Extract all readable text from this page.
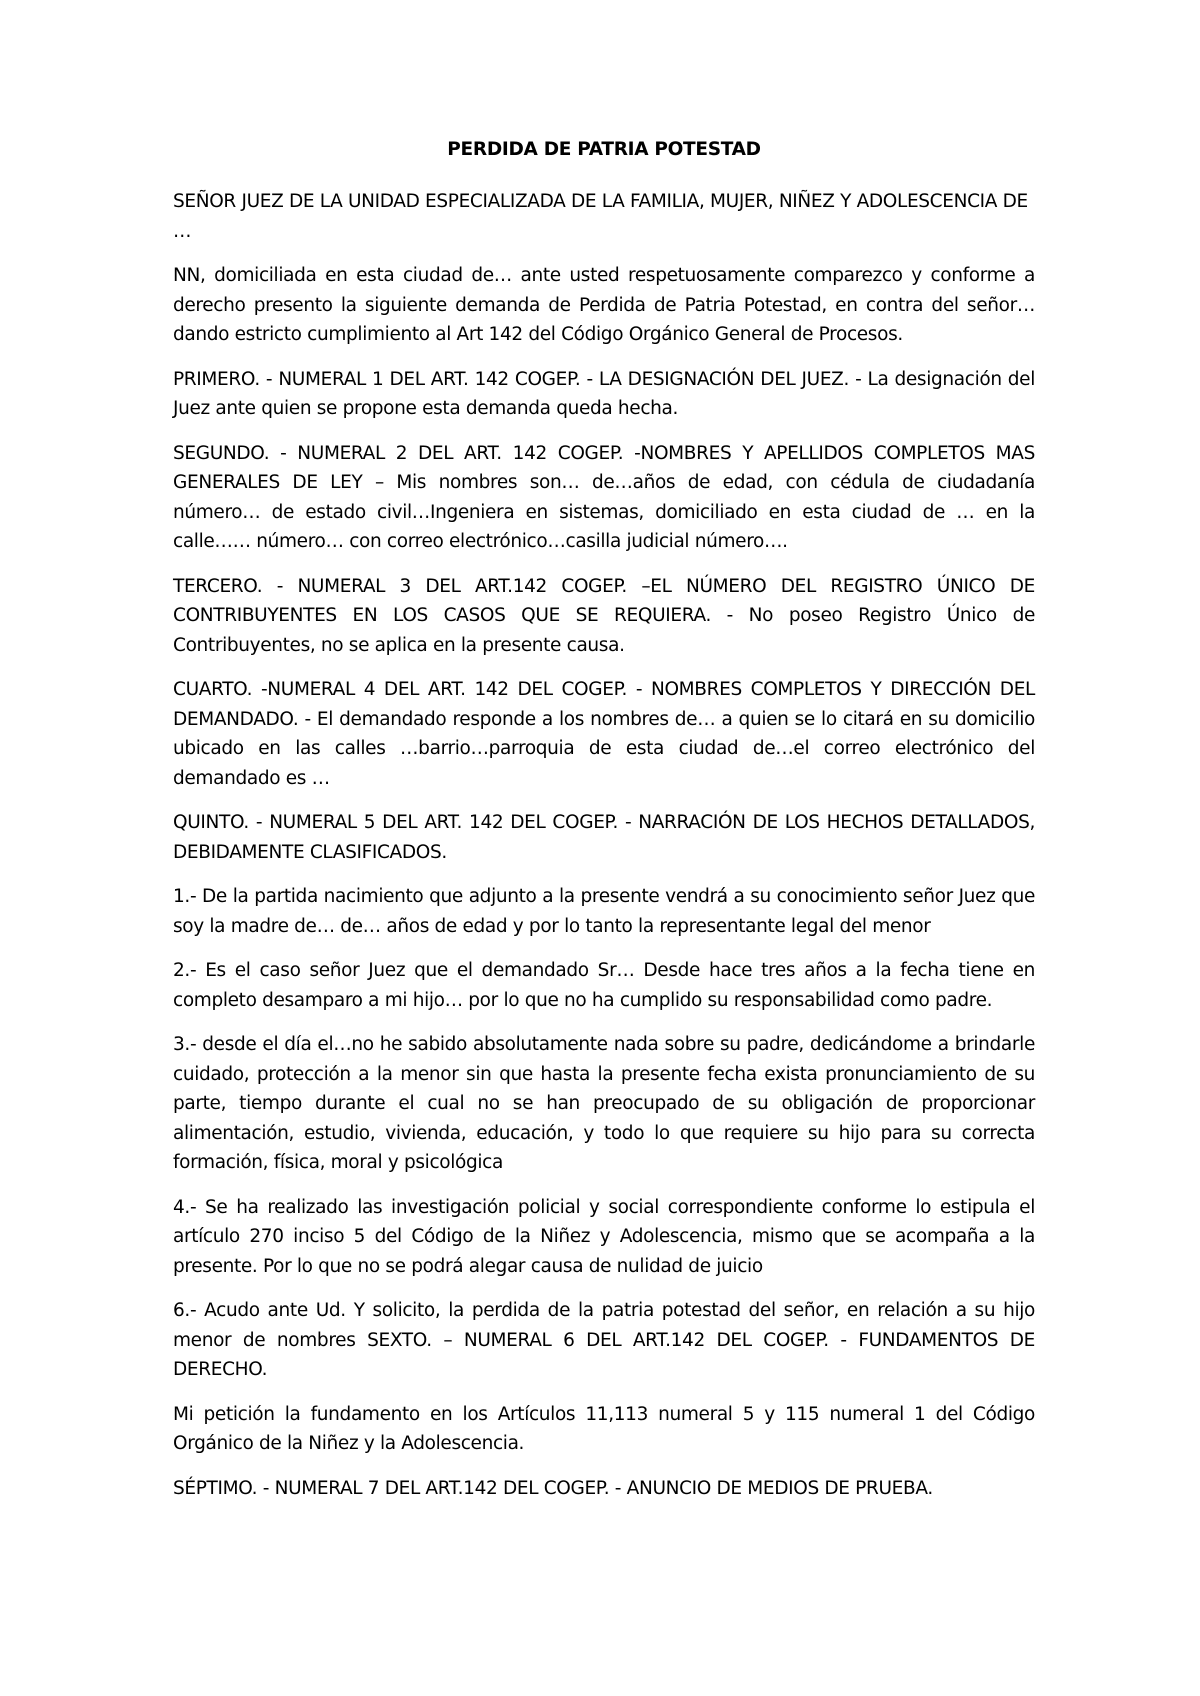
PERDIDA DE PATRIA POTESTAD

SEÑOR JUEZ DE LA UNIDAD ESPECIALIZADA DE LA FAMILIA, MUJER, NIÑEZ Y ADOLESCENCIA DE …

NN, domiciliada en esta ciudad de… ante usted respetuosamente comparezco y conforme a derecho presento la siguiente demanda de Perdida de Patria Potestad, en contra del señor… dando estricto cumplimiento al Art 142 del Código Orgánico General de Procesos.

PRIMERO. - NUMERAL 1 DEL ART. 142 COGEP. - LA DESIGNACIÓN DEL JUEZ. - La designación del Juez ante quien se propone esta demanda queda hecha.

SEGUNDO. - NUMERAL 2 DEL ART. 142 COGEP. -NOMBRES Y APELLIDOS COMPLETOS MAS GENERALES DE LEY – Mis nombres son… de…años de edad, con cédula de ciudadanía número… de estado civil…Ingeniera en sistemas, domiciliado en esta ciudad de … en la calle…… número… con correo electrónico…casilla judicial número….

TERCERO. - NUMERAL 3 DEL ART.142 COGEP. –EL NÚMERO DEL REGISTRO ÚNICO DE CONTRIBUYENTES EN LOS CASOS QUE SE REQUIERA. - No poseo Registro Único de Contribuyentes, no se aplica en la presente causa.

CUARTO. -NUMERAL 4 DEL ART. 142 DEL COGEP. - NOMBRES COMPLETOS Y DIRECCIÓN DEL DEMANDADO. - El demandado responde a los nombres de… a quien se lo citará en su domicilio ubicado en las calles …barrio…parroquia de esta ciudad de…el correo electrónico del demandado es …

QUINTO. - NUMERAL 5 DEL ART. 142 DEL COGEP. - NARRACIÓN DE LOS HECHOS DETALLADOS, DEBIDAMENTE CLASIFICADOS.

1.- De la partida nacimiento que adjunto a la presente vendrá a su conocimiento señor Juez que soy la madre de… de… años de edad y por lo tanto la representante legal del menor

2.- Es el caso señor Juez que el demandado Sr… Desde hace tres años a la fecha tiene en completo desamparo a mi hijo… por lo que no ha cumplido su responsabilidad como padre.

3.- desde el día el…no he sabido absolutamente nada sobre su padre, dedicándome a brindarle cuidado, protección a la menor sin que hasta la presente fecha exista pronunciamiento de su parte, tiempo durante el cual no se han preocupado de su obligación de proporcionar alimentación, estudio, vivienda, educación, y todo lo que requiere su hijo para su correcta formación, física, moral y psicológica

4.- Se ha realizado las investigación policial y social correspondiente conforme lo estipula el artículo 270 inciso 5 del Código de la Niñez y Adolescencia, mismo que se acompaña a la presente. Por lo que no se podrá alegar causa de nulidad de juicio

6.- Acudo ante Ud. Y solicito, la perdida de la patria potestad del señor, en relación a su hijo menor de nombres SEXTO. – NUMERAL 6 DEL ART.142 DEL COGEP. - FUNDAMENTOS DE DERECHO.

Mi petición la fundamento en los Artículos 11,113 numeral 5 y 115 numeral 1 del Código Orgánico de la Niñez y la Adolescencia.

SÉPTIMO. - NUMERAL 7 DEL ART.142 DEL COGEP. - ANUNCIO DE MEDIOS DE PRUEBA.
